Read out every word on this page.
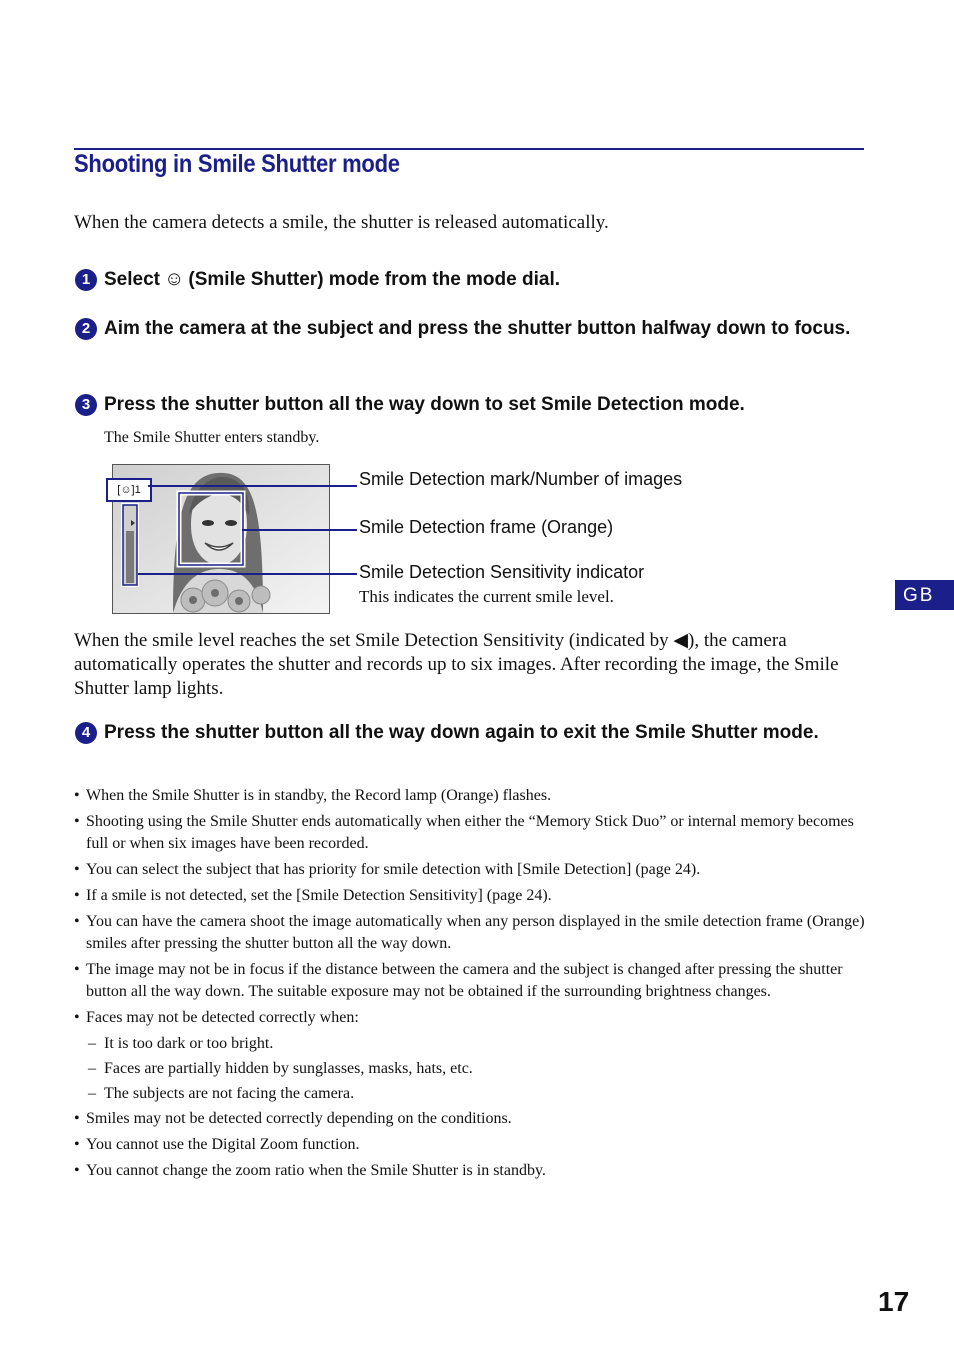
Shooting in Smile Shutter mode
When the camera detects a smile, the shutter is released automatically.
1 Select ☺ (Smile Shutter) mode from the mode dial.
2 Aim the camera at the subject and press the shutter button halfway down to focus.
3 Press the shutter button all the way down to set Smile Detection mode.
The Smile Shutter enters standby.
[☺]1
Smile Detection mark/Number of images
Smile Detection frame (Orange)
Smile Detection Sensitivity indicator
This indicates the current smile level.	GB
When the smile level reaches the set Smile Detection Sensitivity (indicated by ◀), the camera automatically operates the shutter and records up to six images. After recording the image, the Smile Shutter lamp lights.
4 Press the shutter button all the way down again to exit the Smile Shutter mode.
• When the Smile Shutter is in standby, the Record lamp (Orange) flashes.
• Shooting using the Smile Shutter ends automatically when either the “Memory Stick Duo” or internal memory becomes full or when six images have been recorded.
• You can select the subject that has priority for smile detection with [Smile Detection] (page 24).
• If a smile is not detected, set the [Smile Detection Sensitivity] (page 24).
• You can have the camera shoot the image automatically when any person displayed in the smile detection frame (Orange) smiles after pressing the shutter button all the way down.
• The image may not be in focus if the distance between the camera and the subject is changed after pressing the shutter button all the way down. The suitable exposure may not be obtained if the surrounding brightness changes.
• Faces may not be detected correctly when:
– It is too dark or too bright.
– Faces are partially hidden by sunglasses, masks, hats, etc.
– The subjects are not facing the camera.
• Smiles may not be detected correctly depending on the conditions.
• You cannot use the Digital Zoom function.
• You cannot change the zoom ratio when the Smile Shutter is in standby.
17
